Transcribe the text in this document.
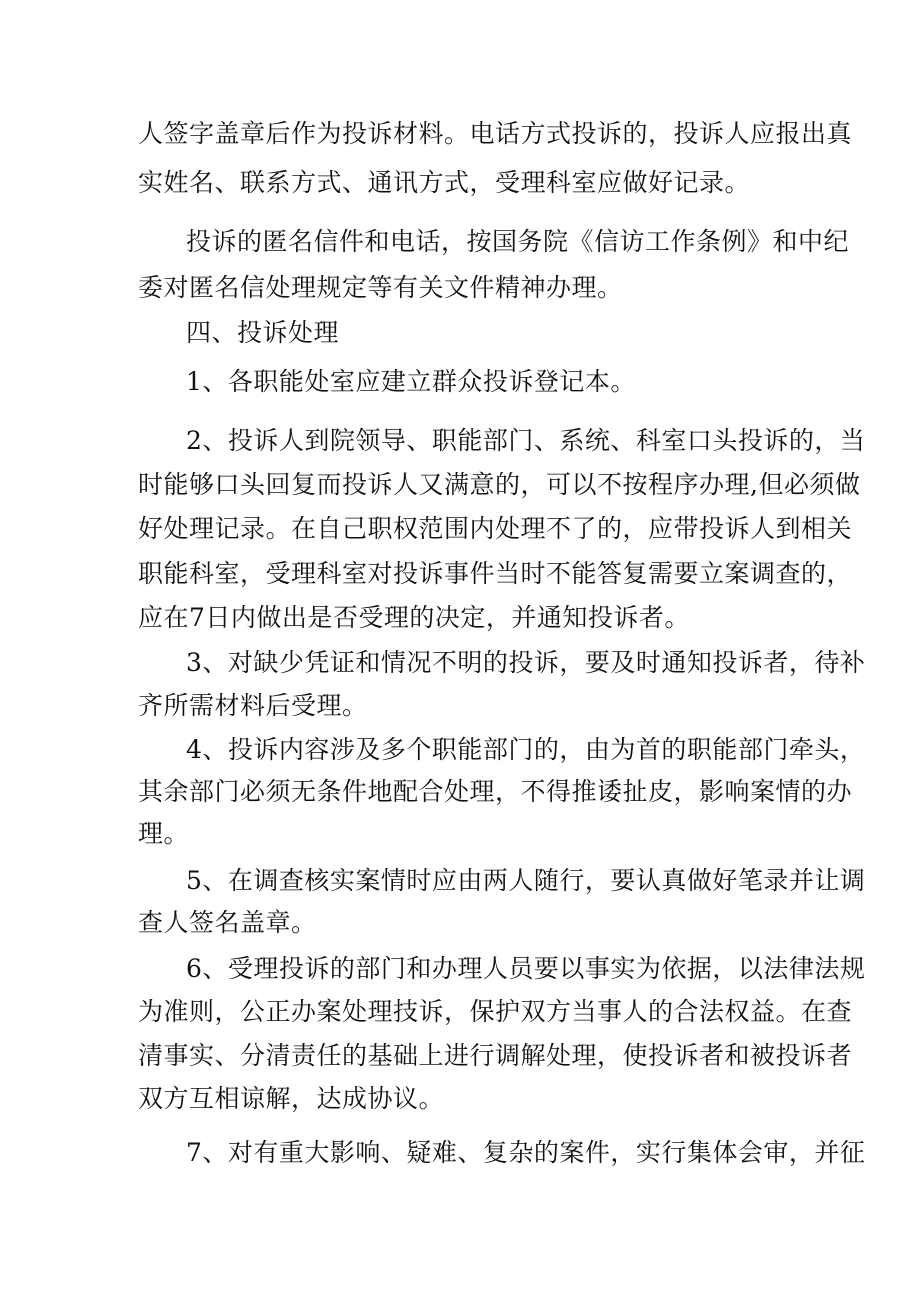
人签字盖章后作为投诉材料。电话方式投诉的，投诉人应报出真
实姓名、联系方式、通讯方式，受理科室应做好记录。
投诉的匿名信件和电话，按国务院《信访工作条例》和中纪
委对匿名信处理规定等有关文件精神办理。
四、投诉处理
1、各职能处室应建立群众投诉登记本。
2、投诉人到院领导、职能部门、系统、科室口头投诉的，当
时能够口头回复而投诉人又满意的，可以不按程序办理,但必须做
好处理记录。在自己职权范围内处理不了的，应带投诉人到相关
职能科室，受理科室对投诉事件当时不能答复需要立案调查的，
应在7日内做出是否受理的决定，并通知投诉者。
3、对缺少凭证和情况不明的投诉，要及时通知投诉者，待补
齐所需材料后受理。
4、投诉内容涉及多个职能部门的，由为首的职能部门牵头，
其余部门必须无条件地配合处理，不得推诿扯皮，影响案情的办
理。
5、在调查核实案情时应由两人随行，要认真做好笔录并让调
查人签名盖章。
6、受理投诉的部门和办理人员要以事实为依据，以法律法规
为准则，公正办案处理技诉，保护双方当事人的合法权益。在查
清事实、分清责任的基础上进行调解处理，使投诉者和被投诉者
双方互相谅解，达成协议。
7、对有重大影响、疑难、复杂的案件，实行集体会审，并征
